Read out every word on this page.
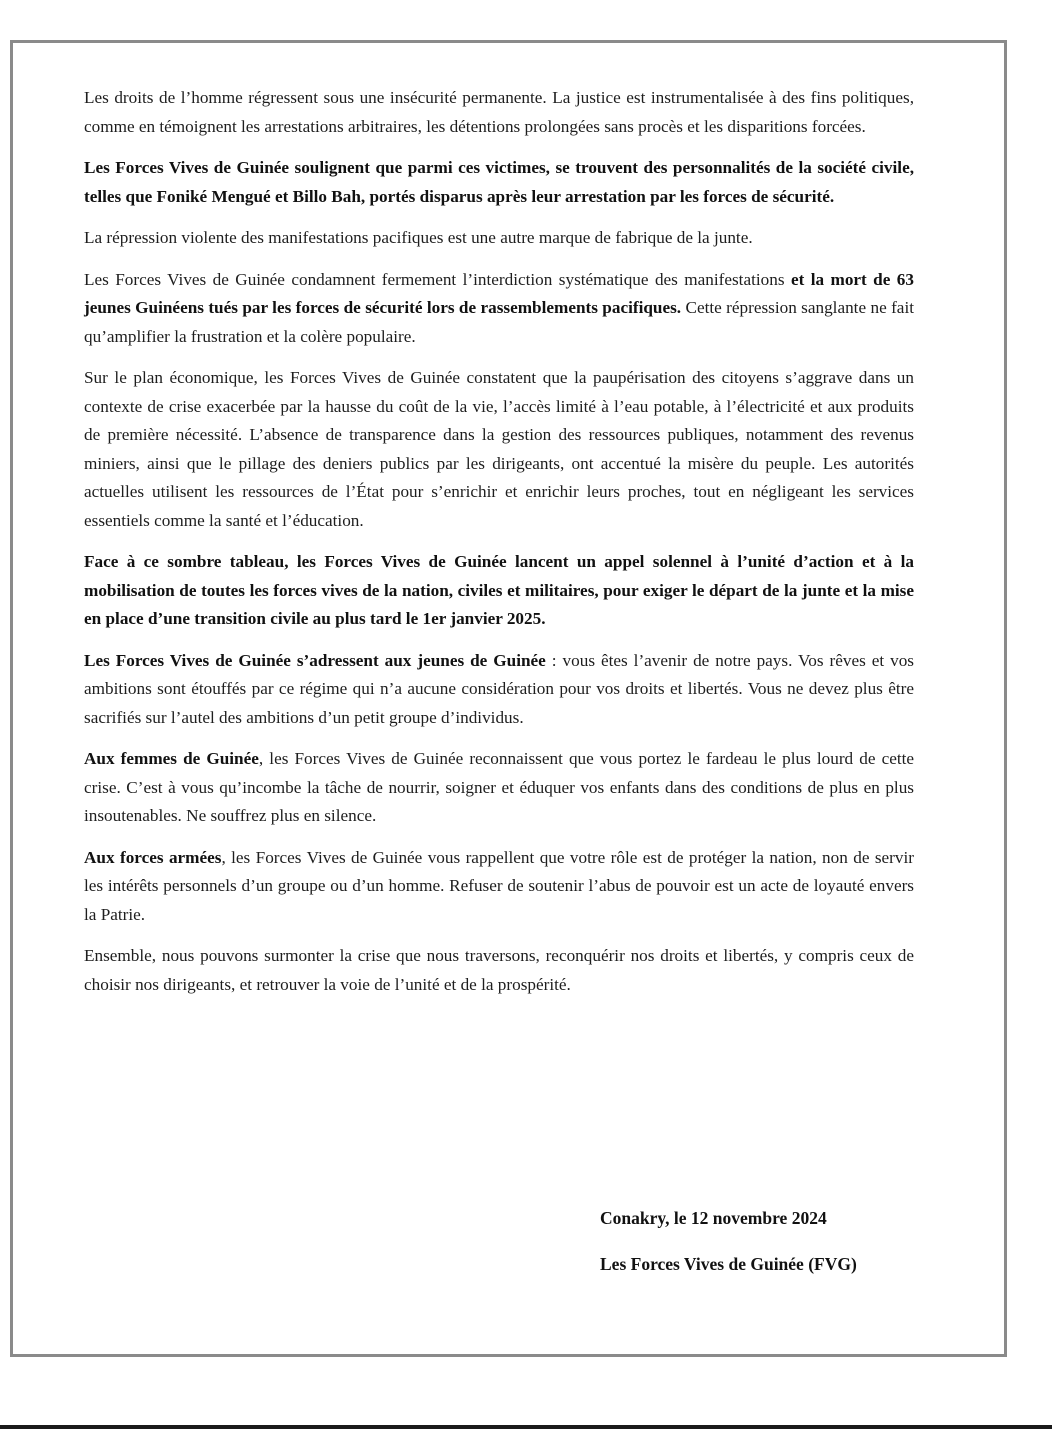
Les droits de l’homme régressent sous une insécurité permanente. La justice est instrumentalisée à des fins politiques, comme en témoignent les arrestations arbitraires, les détentions prolongées sans procès et les disparitions forcées.

Les Forces Vives de Guinée soulignent que parmi ces victimes, se trouvent des personnalités de la société civile, telles que Foniké Mengué et Billo Bah, portés disparus après leur arrestation par les forces de sécurité.

La répression violente des manifestations pacifiques est une autre marque de fabrique de la junte.

Les Forces Vives de Guinée condamnent fermement l’interdiction systématique des manifestations et la mort de 63 jeunes Guinéens tués par les forces de sécurité lors de rassemblements pacifiques. Cette répression sanglante ne fait qu’amplifier la frustration et la colère populaire.

Sur le plan économique, les Forces Vives de Guinée constatent que la paupérisation des citoyens s’aggrave dans un contexte de crise exacerbée par la hausse du coût de la vie, l’accès limité à l’eau potable, à l’électricité et aux produits de première nécessité. L’absence de transparence dans la gestion des ressources publiques, notamment des revenus miniers, ainsi que le pillage des deniers publics par les dirigeants, ont accentué la misère du peuple. Les autorités actuelles utilisent les ressources de l’État pour s’enrichir et enrichir leurs proches, tout en négligeant les services essentiels comme la santé et l’éducation.

Face à ce sombre tableau, les Forces Vives de Guinée lancent un appel solennel à l’unité d’action et à la mobilisation de toutes les forces vives de la nation, civiles et militaires, pour exiger le départ de la junte et la mise en place d’une transition civile au plus tard le 1er janvier 2025.

Les Forces Vives de Guinée s’adressent aux jeunes de Guinée : vous êtes l’avenir de notre pays. Vos rêves et vos ambitions sont étouffés par ce régime qui n’a aucune considération pour vos droits et libertés. Vous ne devez plus être sacrifiés sur l’autel des ambitions d’un petit groupe d’individus.

Aux femmes de Guinée, les Forces Vives de Guinée reconnaissent que vous portez le fardeau le plus lourd de cette crise. C’est à vous qu’incombe la tâche de nourrir, soigner et éduquer vos enfants dans des conditions de plus en plus insoutenables. Ne souffrez plus en silence.

Aux forces armées, les Forces Vives de Guinée vous rappellent que votre rôle est de protéger la nation, non de servir les intérêts personnels d’un groupe ou d’un homme. Refuser de soutenir l’abus de pouvoir est un acte de loyauté envers la Patrie.

Ensemble, nous pouvons surmonter la crise que nous traversons, reconquérir nos droits et libertés, y compris ceux de choisir nos dirigeants, et retrouver la voie de l’unité et de la prospérité.

Conakry, le 12 novembre 2024
Les Forces Vives de Guinée (FVG)
